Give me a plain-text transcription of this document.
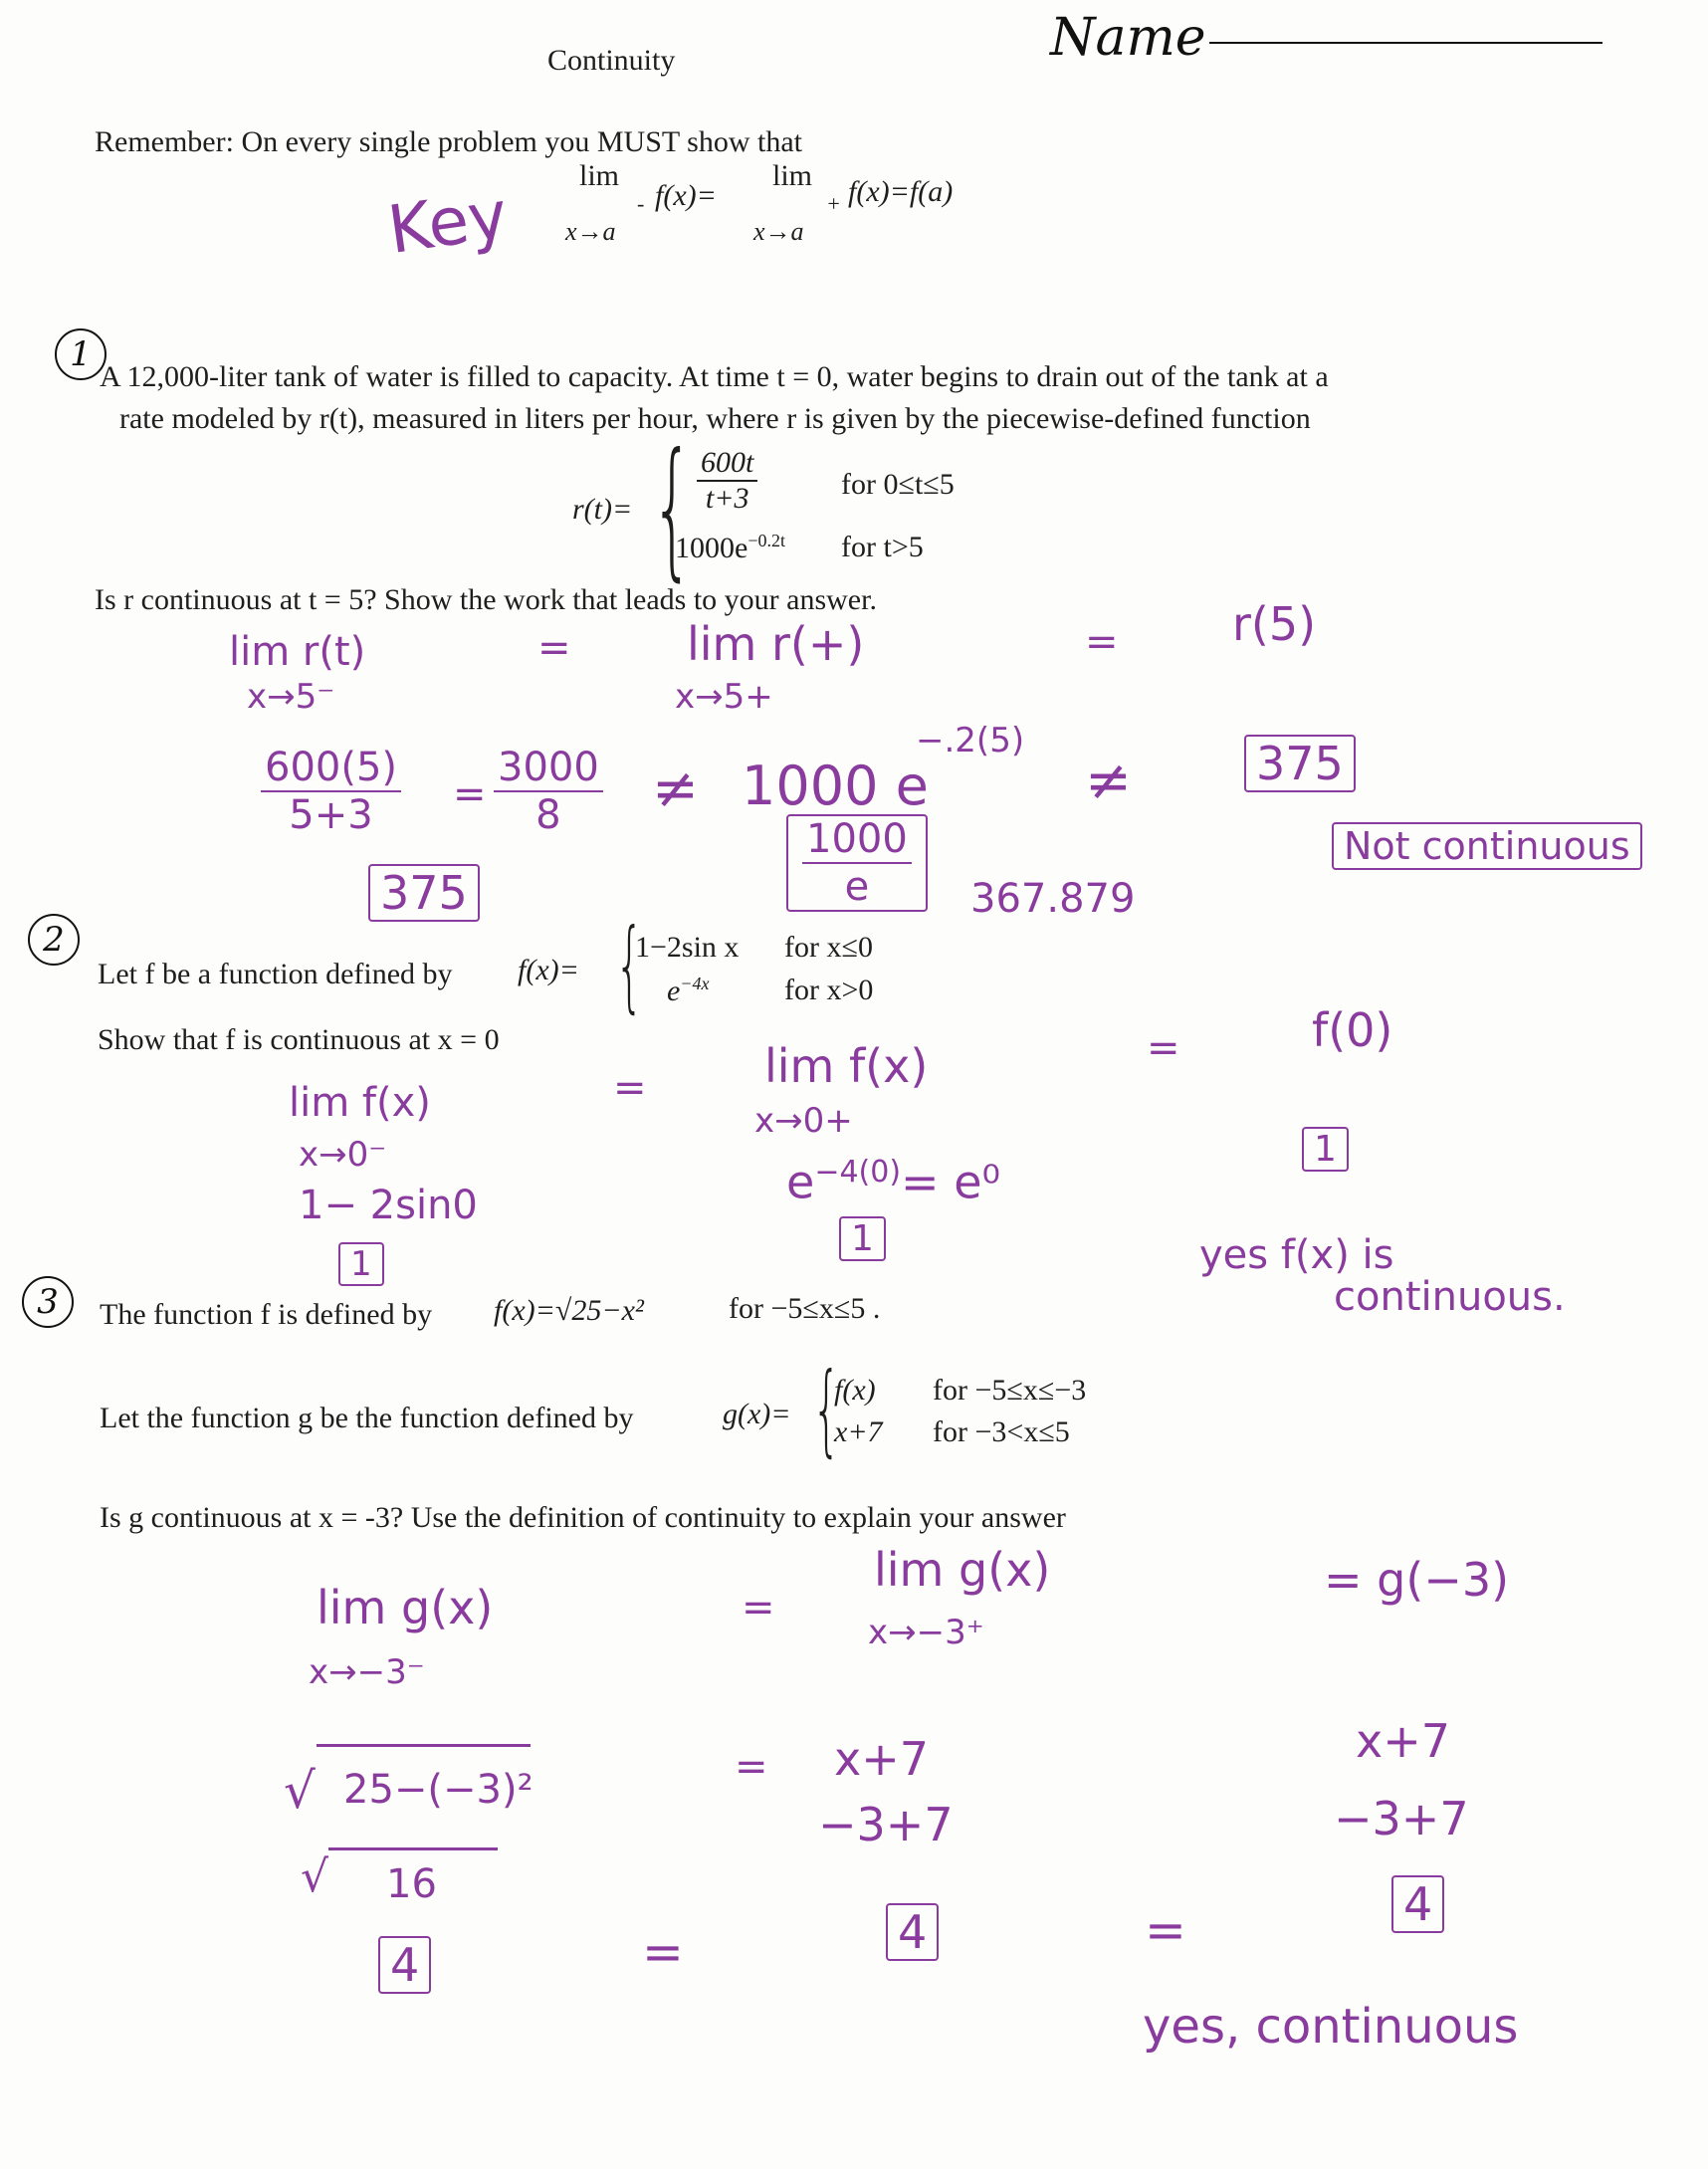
Continuity	Name
Remember: On every single problem you MUST show that
lim
x→a
- f(x)=
lim
x→a
+ f(x)=f(a)
Key
1
A 12,000-liter tank of water is filled to capacity. At time t = 0, water begins to drain out of the tank at a
rate modeled by r(t), measured in liters per hour, where r is given by the piecewise-defined function
r(t)= { $\frac{600t}{t+3}$	for 0≤t≤5
$1000e^{-0.2t}$ for t>5
Is r continuous at t = 5? Show the work that leads to your answer.
lim r(t)
x→5⁻
=	lim r(+)
x→5+
= r(5)
$\frac{600(5)}{5+3} = \frac{3000}{8} \ne 1000$ e
−.2(5)
≠	375
375	$\frac{1000}{e} 367.879$
Not continuous
2
Let f be a function defined by f(x)= {
1−2sin x for x≤0
$e^{-4x}$	for x>0
Show that f is continuous at x = 0
lim f(x)
x→0⁻
1− 2sin0
1
=	lim f(x)
x→0+
$e^{-4(0)}= e^0$
1
=	f(0)
1
yes f(x) is
continuous.
3	The function f is defined by f(x)=√25−x²	for −5≤x≤5 .
Let the function g be the function defined by	g(x)= {
f(x) for −5≤x≤−3
x+7 for −3<x≤5
Is g continuous at x = -3? Use the definition of continuity to explain your answer
lim g(x)
x→−3⁻
=
lim g(x)
x→−3⁺
= g(−3)
√ 25−(−3)²
√ 16
4
= x+7
−3+7
4
x+7
−3+7
4
=	=
yes, continuous
